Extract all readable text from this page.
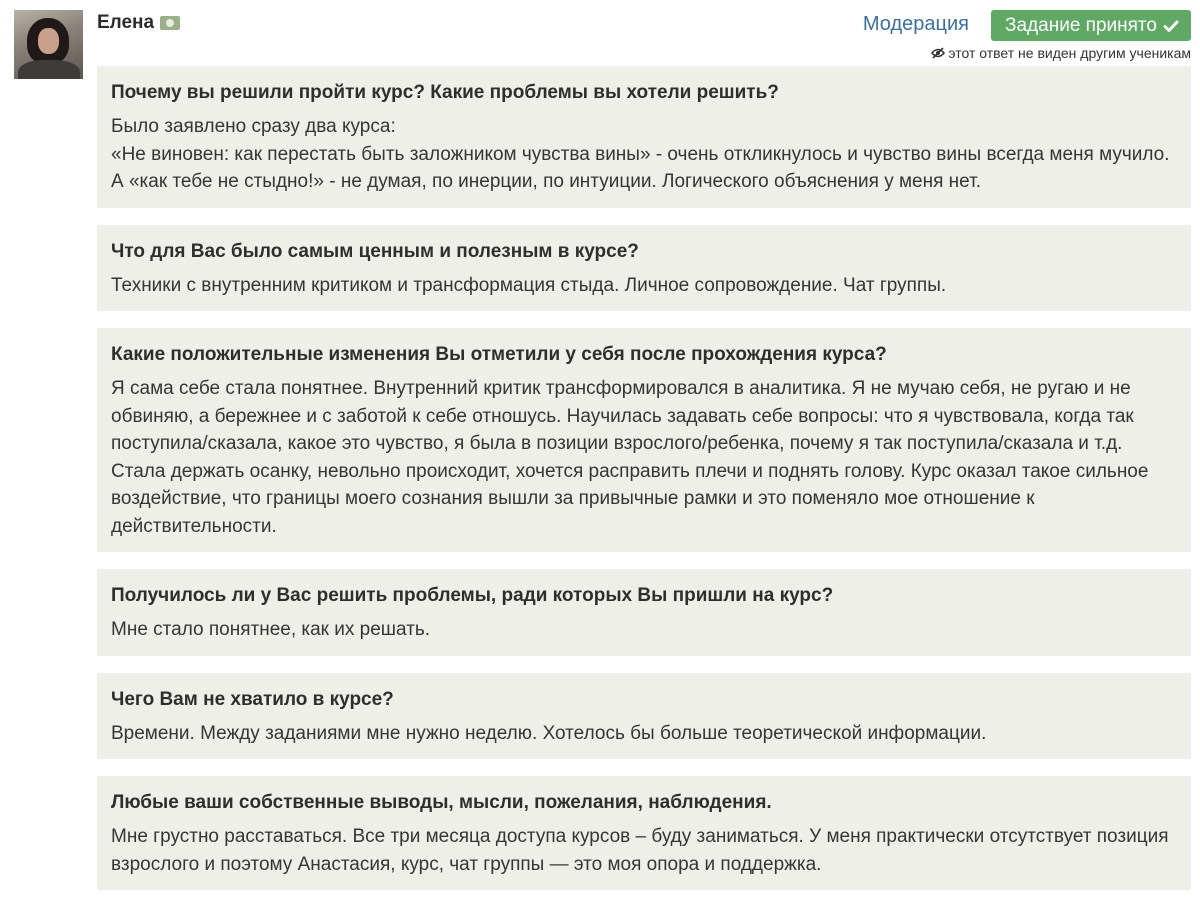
Елена	Модерация Задание принято
этот ответ не виден другим ученикам
Почему вы решили пройти курс? Какие проблемы вы хотели решить?
Было заявлено сразу два курса:
«Не виновен: как перестать быть заложником чувства вины» - очень откликнулось и чувство вины всегда меня мучило. А «как тебе не стыдно!» - не думая, по инерции, по интуиции. Логического объяснения у меня нет.
Что для Вас было самым ценным и полезным в курсе?
Техники с внутренним критиком и трансформация стыда. Личное сопровождение. Чат группы.
Какие положительные изменения Вы отметили у себя после прохождения курса?
Я сама себе стала понятнее. Внутренний критик трансформировался в аналитика. Я не мучаю себя, не ругаю и не обвиняю, а бережнее и с заботой к себе отношусь. Научилась задавать себе вопросы: что я чувствовала, когда так поступила/сказала, какое это чувство, я была в позиции взрослого/ребенка, почему я так поступила/сказала и т.д. Стала держать осанку, невольно происходит, хочется расправить плечи и поднять голову. Курс оказал такое сильное воздействие, что границы моего сознания вышли за привычные рамки и это поменяло мое отношение к действительности.
Получилось ли у Вас решить проблемы, ради которых Вы пришли на курс?
Мне стало понятнее, как их решать.
Чего Вам не хватило в курсе?
Времени. Между заданиями мне нужно неделю. Хотелось бы больше теоретической информации.
Любые ваши собственные выводы, мысли, пожелания, наблюдения.
Мне грустно расставаться. Все три месяца доступа курсов – буду заниматься. У меня практически отсутствует позиция взрослого и поэтому Анастасия, курс, чат группы — это моя опора и поддержка.
